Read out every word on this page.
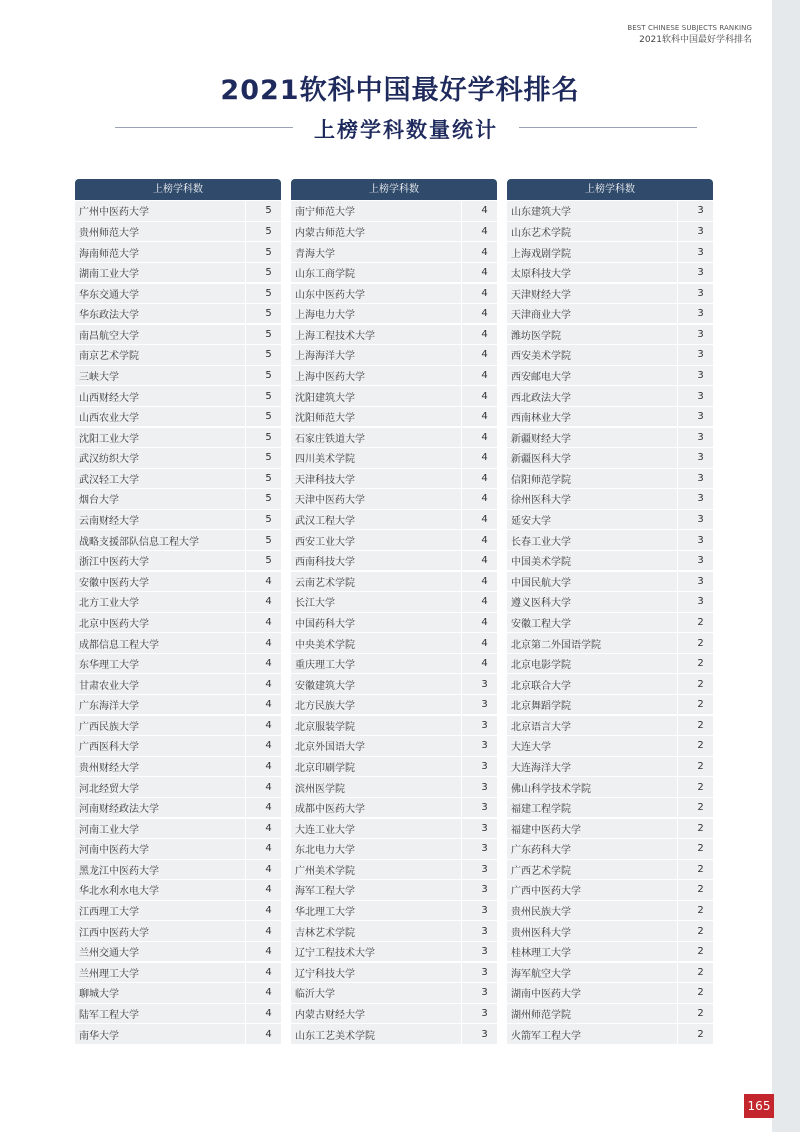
BEST CHINESE SUBJECTS RANKING
2021软科中国最好学科排名
2021软科中国最好学科排名
上榜学科数量统计
上榜学科数
广州中医药大学	5
贵州师范大学	5
海南师范大学	5
湖南工业大学	5
华东交通大学	5
华东政法大学	5
南昌航空大学	5
南京艺术学院	5
三峡大学	5
山西财经大学	5
山西农业大学	5
沈阳工业大学	5
武汉纺织大学	5
武汉轻工大学	5
烟台大学	5
云南财经大学	5
战略支援部队信息工程大学	5
浙江中医药大学	5
安徽中医药大学	4
北方工业大学	4
北京中医药大学	4
成都信息工程大学	4
东华理工大学	4
甘肃农业大学	4
广东海洋大学	4
广西民族大学	4
广西医科大学	4
贵州财经大学	4
河北经贸大学	4
河南财经政法大学	4
河南工业大学	4
河南中医药大学	4
黑龙江中医药大学	4
华北水利水电大学	4
江西理工大学	4
江西中医药大学	4
兰州交通大学	4
兰州理工大学	4
聊城大学	4
陆军工程大学	4
南华大学	4
上榜学科数
南宁师范大学	4
内蒙古师范大学	4
青海大学	4
山东工商学院	4
山东中医药大学	4
上海电力大学	4
上海工程技术大学	4
上海海洋大学	4
上海中医药大学	4
沈阳建筑大学	4
沈阳师范大学	4
石家庄铁道大学	4
四川美术学院	4
天津科技大学	4
天津中医药大学	4
武汉工程大学	4
西安工业大学	4
西南科技大学	4
云南艺术学院	4
长江大学	4
中国药科大学	4
中央美术学院	4
重庆理工大学	4
安徽建筑大学	3
北方民族大学	3
北京服装学院	3
北京外国语大学	3
北京印刷学院	3
滨州医学院	3
成都中医药大学	3
大连工业大学	3
东北电力大学	3
广州美术学院	3
海军工程大学	3
华北理工大学	3
吉林艺术学院	3
辽宁工程技术大学	3
辽宁科技大学	3
临沂大学	3
内蒙古财经大学	3
山东工艺美术学院	3
上榜学科数
山东建筑大学	3
山东艺术学院	3
上海戏剧学院	3
太原科技大学	3
天津财经大学	3
天津商业大学	3
潍坊医学院	3
西安美术学院	3
西安邮电大学	3
西北政法大学	3
西南林业大学	3
新疆财经大学	3
新疆医科大学	3
信阳师范学院	3
徐州医科大学	3
延安大学	3
长春工业大学	3
中国美术学院	3
中国民航大学	3
遵义医科大学	3
安徽工程大学	2
北京第二外国语学院	2
北京电影学院	2
北京联合大学	2
北京舞蹈学院	2
北京语言大学	2
大连大学	2
大连海洋大学	2
佛山科学技术学院	2
福建工程学院	2
福建中医药大学	2
广东药科大学	2
广西艺术学院	2
广西中医药大学	2
贵州民族大学	2
贵州医科大学	2
桂林理工大学	2
海军航空大学	2
湖南中医药大学	2
湖州师范学院	2
火箭军工程大学	2
165
